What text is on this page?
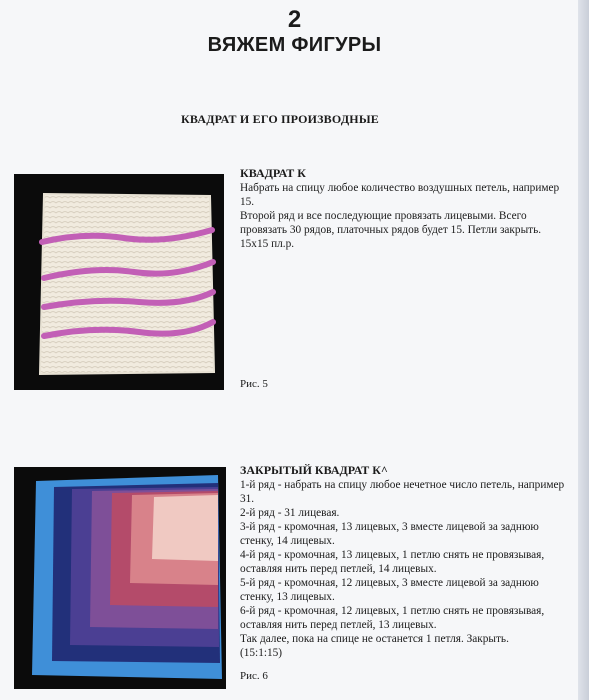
2
ВЯЖЕМ ФИГУРЫ
КВАДРАТ И ЕГО ПРОИЗВОДНЫЕ
Рис. 5
КВАДРАТ К

Набрать на спицу любое количество воздушных петель, например 15.

Второй ряд и все последующие провязать лицевыми. Всего провязать 30 рядов, платочных рядов будет 15. Петли закрыть.

15х15 пл.р.

Рис. 6
ЗАКРЫТЫЙ КВАДРАТ К^

1-й ряд - набрать на спицу любое нечетное число петель, например 31.

2-й ряд - 31 лицевая.

3-й ряд - кромочная, 13 лицевых, 3 вместе лицевой за заднюю стенку, 14 лицевых.

4-й ряд - кромочная, 13 лицевых, 1 петлю снять не провязывая, оставляя нить перед петлей, 14 лицевых.

5-й ряд - кромочная, 12 лицевых, 3 вместе лицевой за заднюю стенку, 13 лицевых.

6-й ряд - кромочная, 12 лицевых, 1 петлю снять не провязывая, оставляя нить перед петлей, 13 лицевых.

Так далее, пока на спице не останется 1 петля. Закрыть.

(15:1:15)
